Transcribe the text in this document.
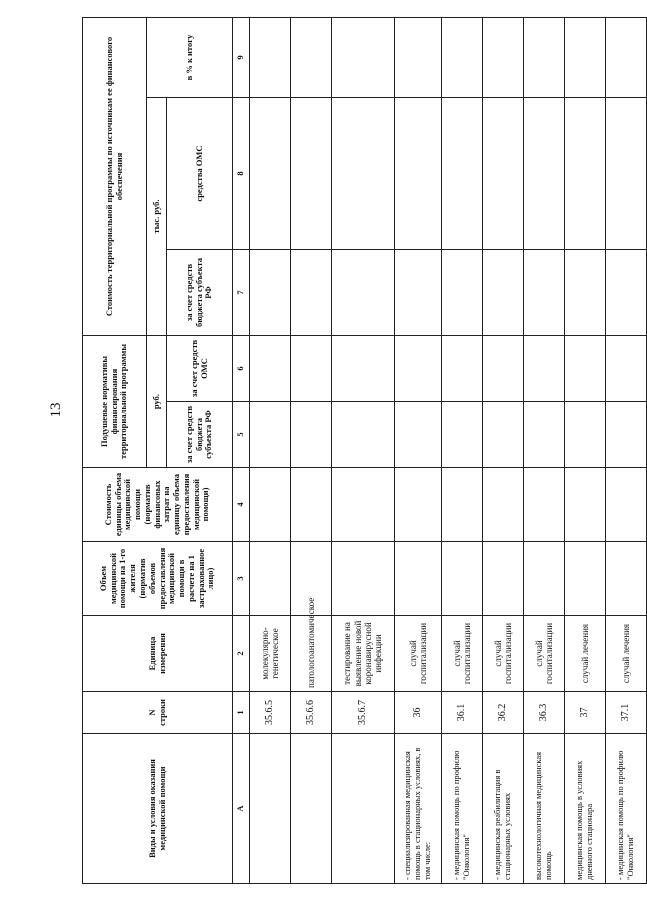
13
Виды и условия оказания медицинской помощи	N строки	Единица измерения	Объем медицинской помощи на 1-го жителя (норматив объемов предоставления медицинской помощи в расчете на 1 застрахованное лицо)	Стоимость единицы объема медицинской помощи (норматив финансовых затрат на единицу объема предоставления медицинской помощи)	Подушевые нормативы финансирования территориальной программы		Стоимость территориальной программы по источникам ее финансового обеспечения		
					руб.		тыс. руб.		в % к итогу
					за счет средств бюджета субъекта РФ	за счет средств ОМС	за счет средств бюджета субъекта РФ	средства ОМС	
А	1	2	3	4	5	6	7	8	9
	35.6.5	молекулярно-генетическое							
	35.6.6	патологоанатомическое							
	35.6.7	тестирование на выявление новой коронавирусной инфекции							
- специализированная медицинская помощь в стационарных условиях, в том числе:	36	случай госпитализации							
- медицинская помощь по профилю "Онкология"	36.1	случай госпитализации							
- медицинская реабилитация в стационарных условиях	36.2	случай госпитализации							
высокотехнологичная медицинская помощь	36.3	случай госпитализации							
медицинская помощь в условиях дневного стационара	37	случай лечения							
- медицинская помощь по профилю "Онкология"	37.1	случай лечения							
